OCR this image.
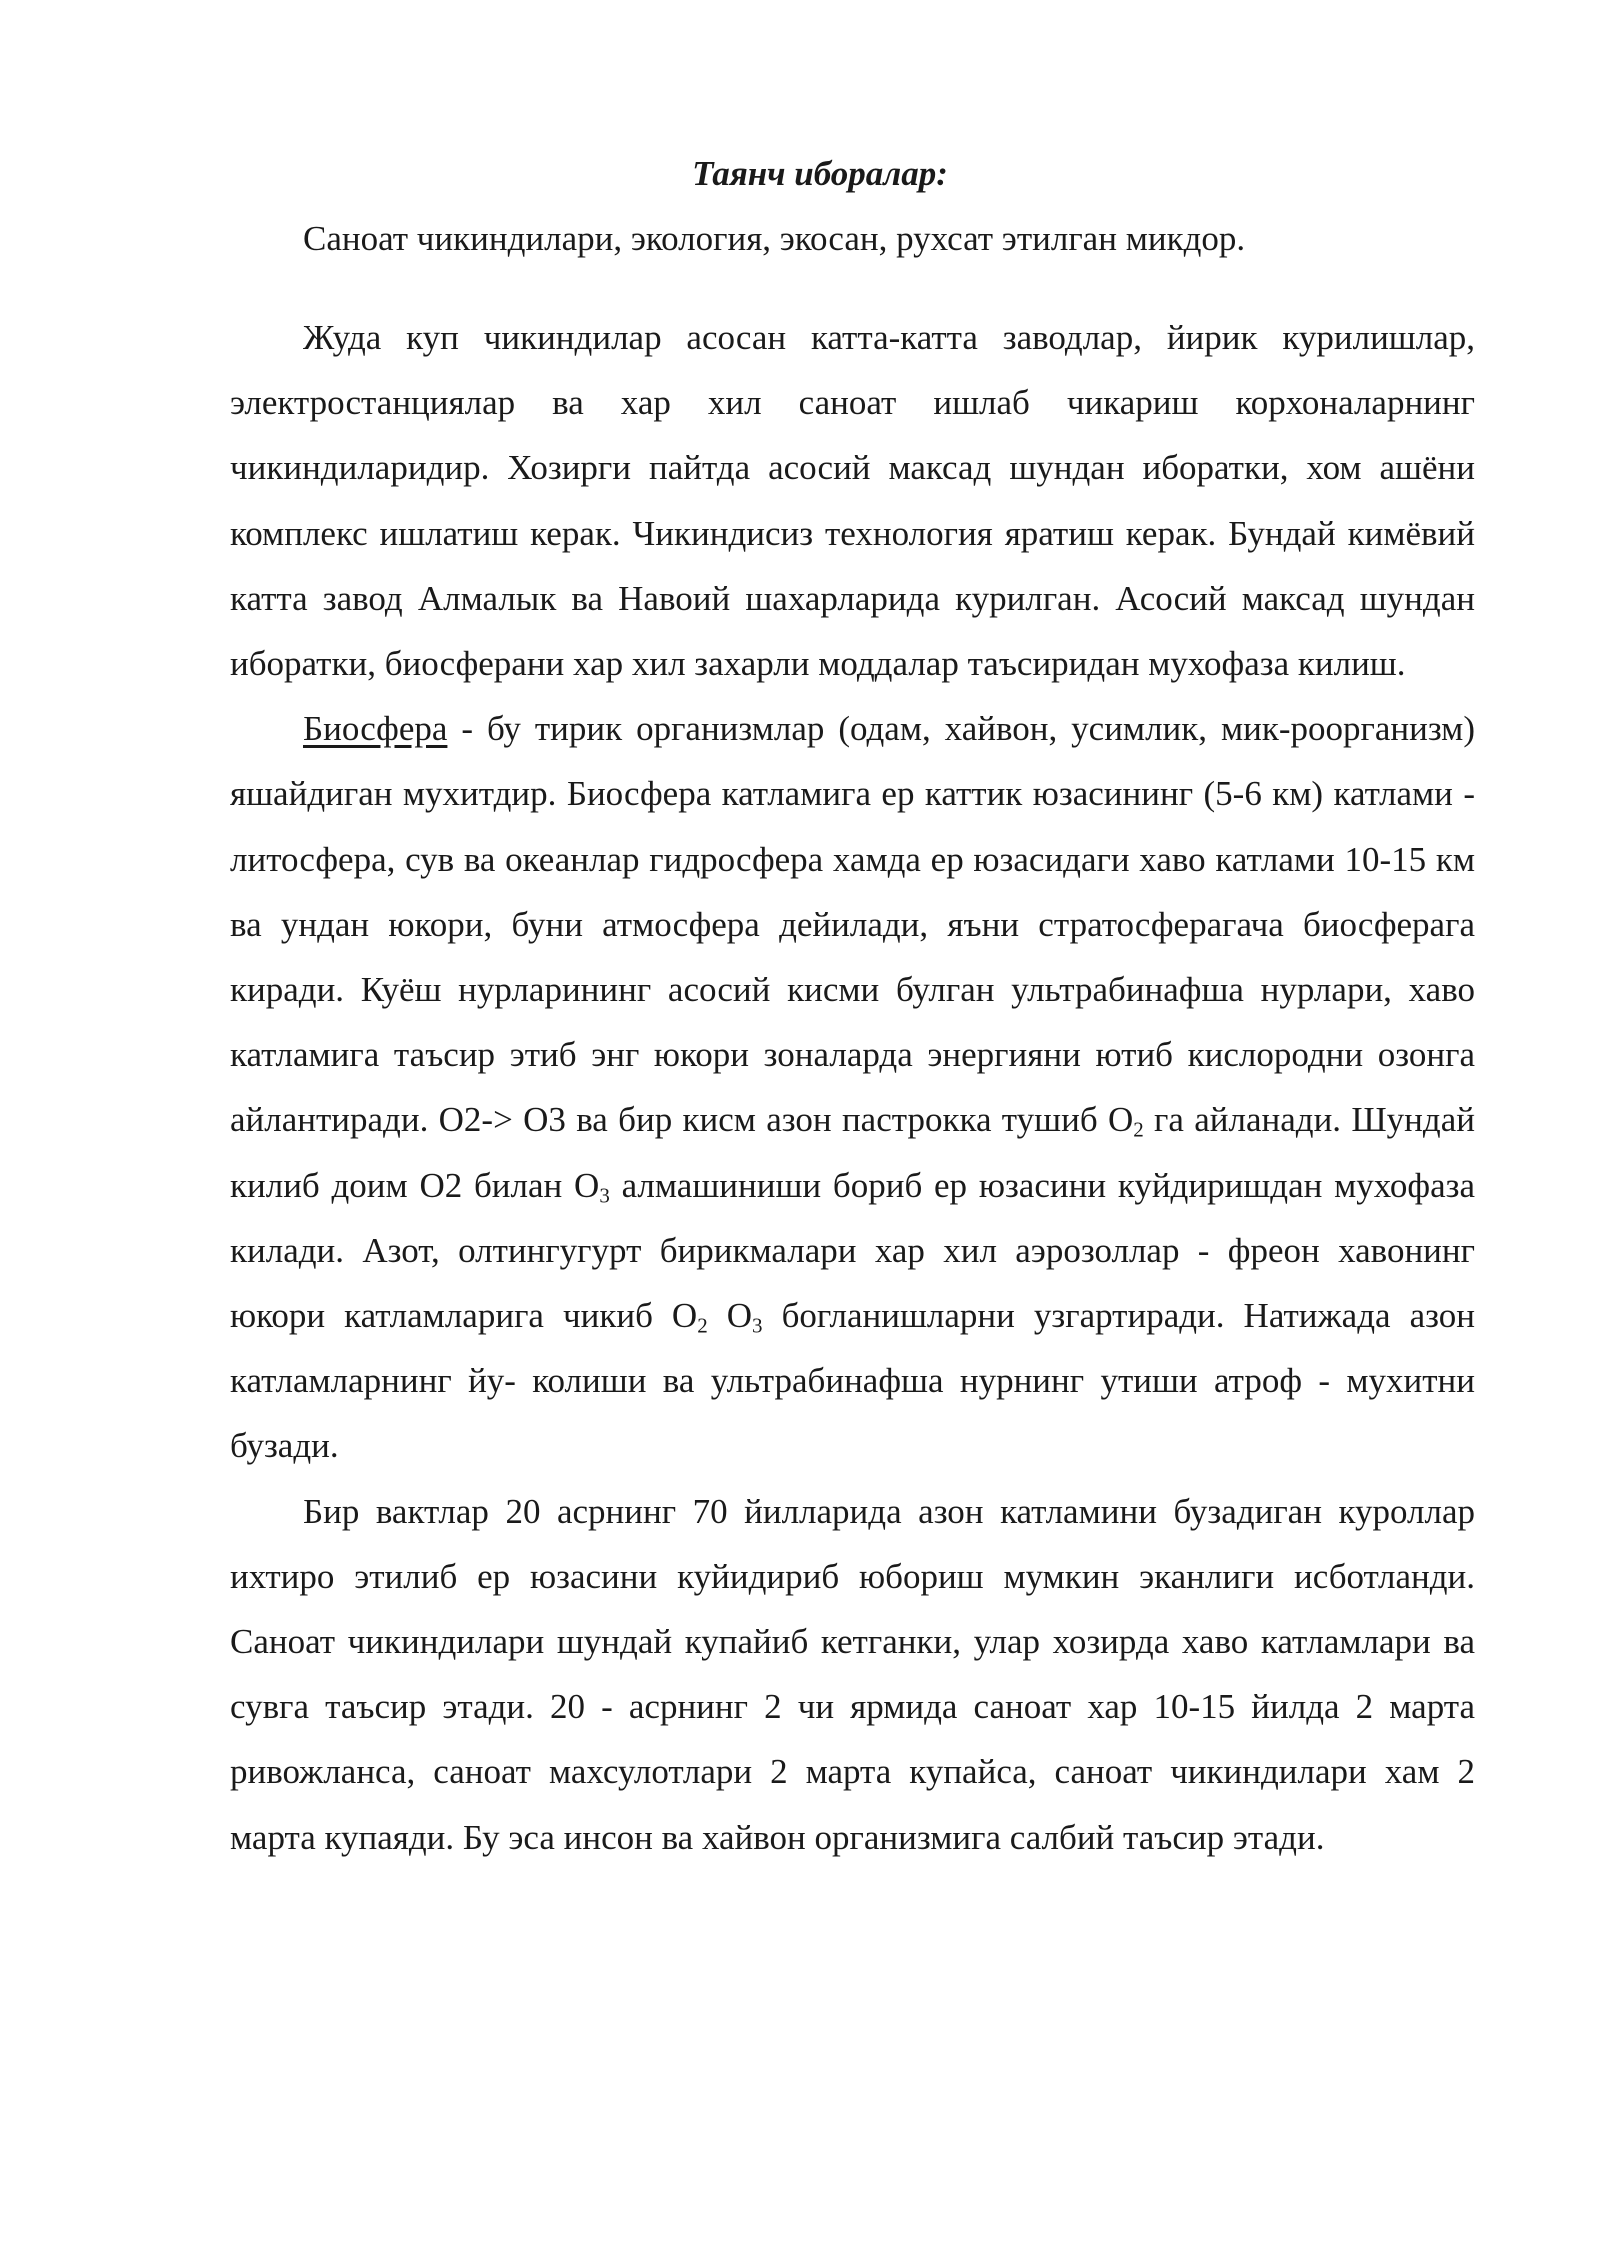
Таянч иборалар:

Саноат чикиндилари, экология, экосан, рухсат этилган микдор.

Жуда куп чикиндилар асосан катта-катта заводлар, йирик курилишлар, электростанциялар ва хар хил саноат ишлаб чикариш корхоналарнинг чикиндиларидир. Хозирги пайтда асосий максад шундан иборатки, хом ашёни комплекс ишлатиш керак. Чикиндисиз технология яратиш керак. Бундай кимёвий катта завод Алмалык ва Навоий шахарларида курилган. Асосий максад шундан иборатки, биосферани хар хил захарли моддалар таъсиридан мухофаза килиш.

Биосфера - бу тирик организмлар (одам, хайвон, усимлик, мик-роорганизм) яшайдиган мухитдир. Биосфера катламига ер каттик юзасининг (5-6 км) катлами - литосфера, сув ва океанлар гидросфера хамда ер юзасидаги хаво катлами 10-15 км ва ундан юкори, буни атмосфера дейилади, яъни стратосферагача биосферага киради. Куёш нурларининг асосий кисми булган ультрабинафша нурлари, хаво катламига таъсир этиб энг юкори зоналарда энергияни ютиб кислородни озонга айлантиради. О2-> О3 ва бир кисм азон пастрокка тушиб $О_2$ га айланади. Шундай килиб доим О2 билан $О_3$ алмашиниши бориб ер юзасини куйдиришдан мухофаза килади. Азот, олтингугурт бирикмалари хар хил аэрозоллар - фреон хавонинг юкори катламларига чикиб $О_2$ $О_3$ богланишларни узгартиради. Натижада азон катламларнинг йу- колиши ва ультрабинафша нурнинг утиши атроф - мухитни бузади.

Бир вактлар 20 асрнинг 70 йилларида азон катламини бузадиган куроллар ихтиро этилиб ер юзасини куйидириб юбориш мумкин эканлиги исботланди. Саноат чикиндилари шундай купайиб кетганки, улар хозирда хаво катламлари ва сувга таъсир этади. 20 - асрнинг 2 чи ярмида саноат хар 10-15 йилда 2 марта ривожланса, саноат махсулотлари 2 марта купайса, саноат чикиндилари хам 2 марта купаяди. Бу эса инсон ва хайвон организмига салбий таъсир этади.
